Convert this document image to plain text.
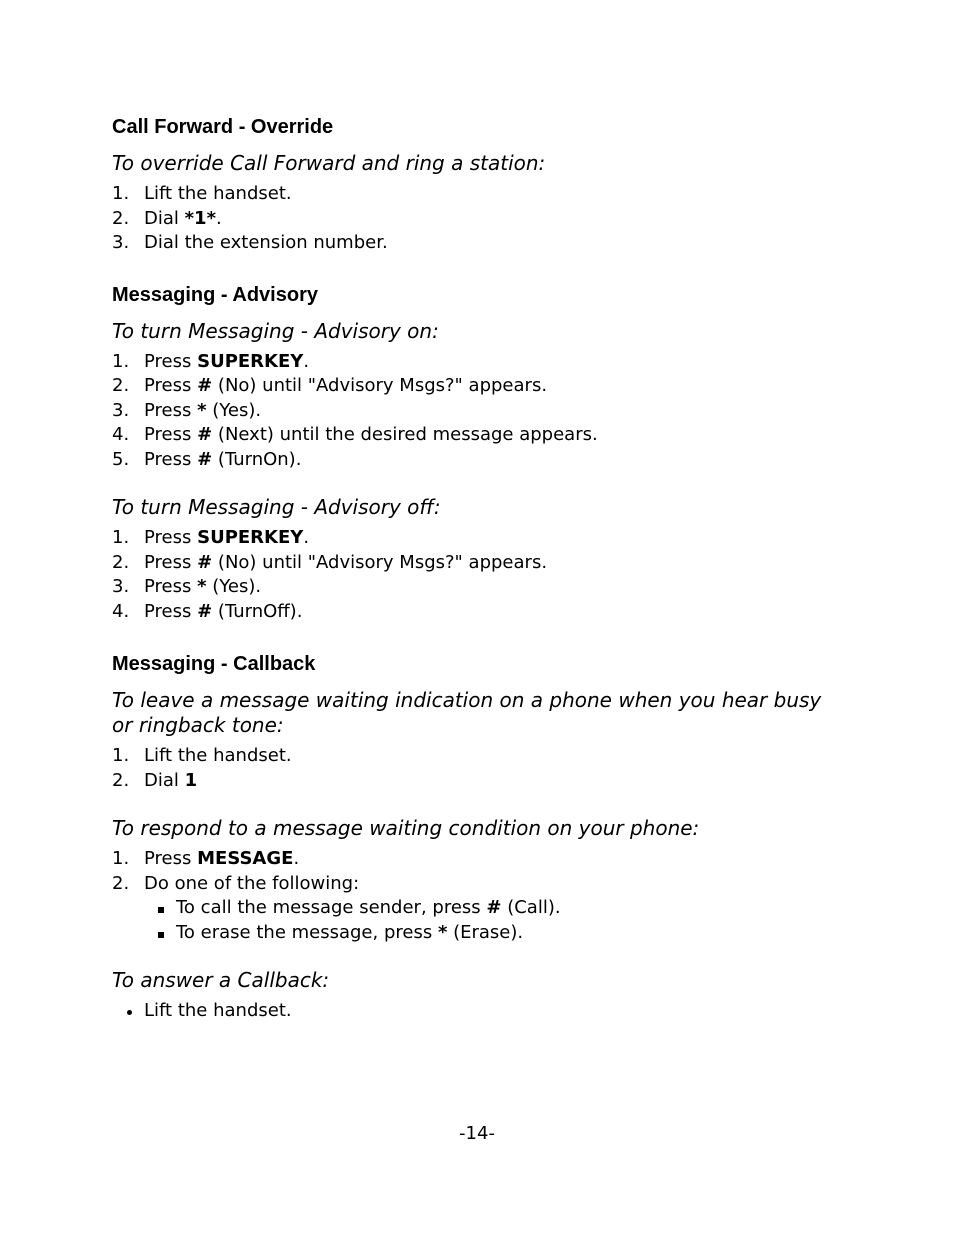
Call Forward - Override

To override Call Forward and ring a station:

1. Lift the handset.
2. Dial *1*.
3. Dial the extension number.
Messaging - Advisory

To turn Messaging - Advisory on:

1. Press SUPERKEY.
2. Press # (No) until "Advisory Msgs?" appears.
3. Press * (Yes).
4. Press # (Next) until the desired message appears.
5. Press # (TurnOn).

To turn Messaging - Advisory off:

1. Press SUPERKEY.
2. Press # (No) until "Advisory Msgs?" appears.
3. Press * (Yes).
4. Press # (TurnOff).
Messaging - Callback

To leave a message waiting indication on a phone when you hear busy
or ringback tone:

1. Lift the handset.
2. Dial 1

To respond to a message waiting condition on your phone:

1. Press MESSAGE.
2. Do one of the following:
To call the message sender, press # (Call).
To erase the message, press * (Erase).

To answer a Callback:

Lift the handset.
-14-
